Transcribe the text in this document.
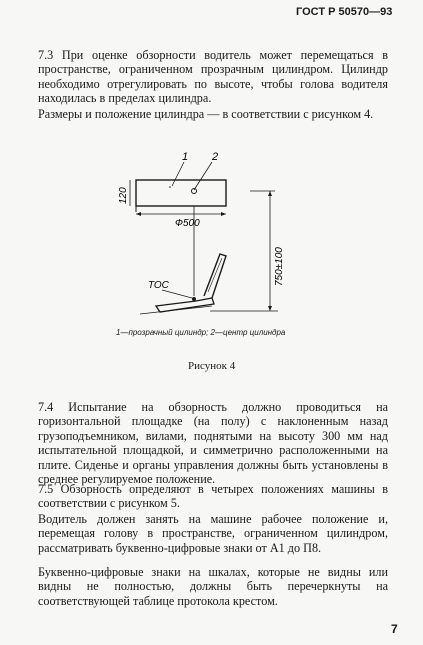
ГОСТ Р 50570—93
7.3 При оценке обзорности водитель может перемещаться в пространстве, ограниченном прозрачным цилиндром. Цилиндр необходимо отрегулировать по высоте, чтобы голова водителя находилась в пределах цилиндра.
Размеры и положение цилиндра — в соответствии с рисунком 4.
1 2
Ф500
120
750±100
ТОС
1—прозрачный цилиндр; 2—центр цилиндра
Рисунок 4
7.4 Испытание на обзорность должно проводиться на горизонтальной площадке (на полу) с наклоненным назад грузоподъемником, вилами, поднятыми на высоту 300 мм над испытательной площадкой, и симметрично расположенными на плите. Сиденье и органы управления должны быть установлены в среднее регулируемое положение.
7.5 Обзорность определяют в четырех положениях машины в соответствии с рисунком 5.
Водитель должен занять на машине рабочее положение и, перемещая голову в пространстве, ограниченном цилиндром, рассматривать буквенно-цифровые знаки от А1 до П8.
Буквенно-цифровые знаки на шкалах, которые не видны или видны не полностью, должны быть перечеркнуты на соответствующей таблице протокола крестом.
7
